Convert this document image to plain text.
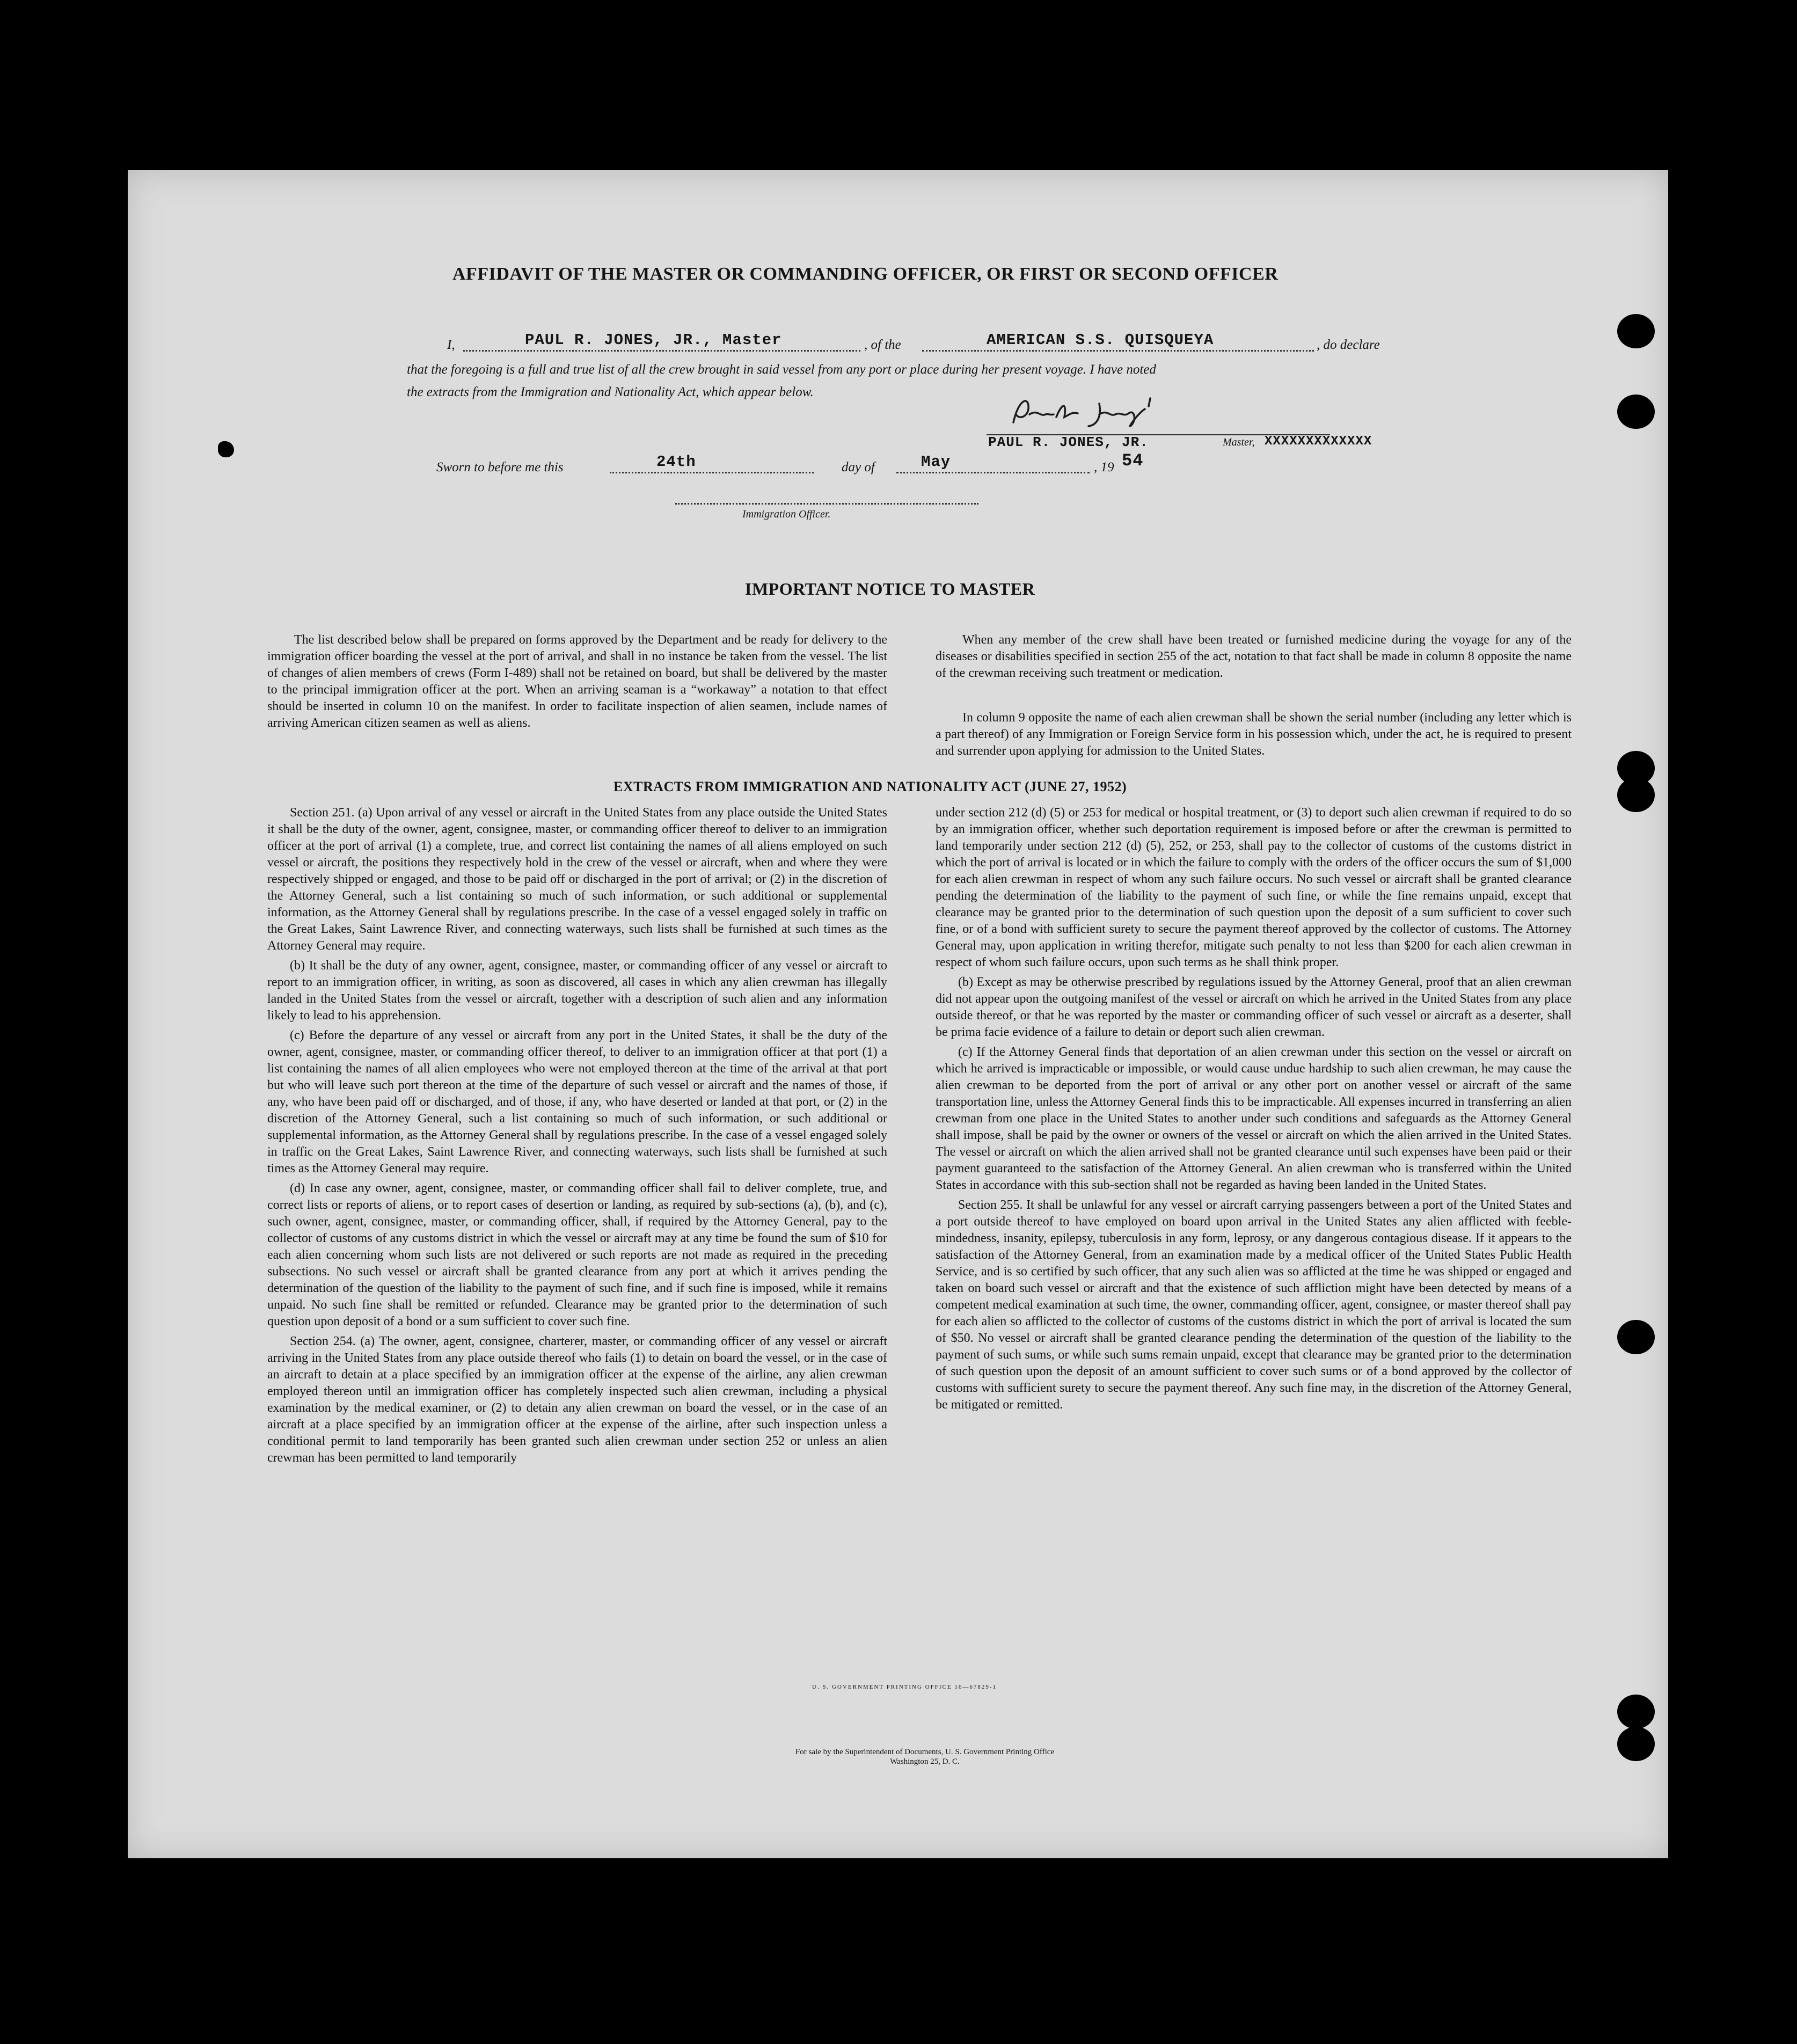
AFFIDAVIT OF THE MASTER OR COMMANDING OFFICER, OR FIRST OR SECOND OFFICER
I,	PAUL R. JONES, JR., Master	, of the	AMERICAN S.S. QUISQUEYA	, do declare
that the foregoing is a full and true list of all the crew brought in said vessel from any port or place during her present voyage. I have noted
the extracts from the Immigration and Nationality Act, which appear below.
PAUL R. JONES, JR.	Master, XXXXXXXXXXXXX
Sworn to before me this	24th	day of	May	, 19 54
Immigration Officer.
IMPORTANT NOTICE TO MASTER
The list described below shall be prepared on forms approved by the Department and be ready for delivery to the immigration officer boarding the vessel at the port of arrival, and shall in no instance be taken from the vessel. The list of changes of alien members of crews (Form I-489) shall not be retained on board, but shall be delivered by the master to the principal immigration officer at the port. When an arriving seaman is a “workaway” a notation to that effect should be inserted in column 10 on the manifest. In order to facilitate inspection of alien seamen, include names of arriving American citizen seamen as well as aliens.
When any member of the crew shall have been treated or furnished medicine during the voyage for any of the diseases or disabilities specified in section 255 of the act, notation to that fact shall be made in column 8 opposite the name of the crewman receiving such treatment or medication.
In column 9 opposite the name of each alien crewman shall be shown the serial number (including any letter which is a part thereof) of any Immigration or Foreign Service form in his possession which, under the act, he is required to present and surrender upon applying for admission to the United States.
EXTRACTS FROM IMMIGRATION AND NATIONALITY ACT (JUNE 27, 1952)

Section 251. (a) Upon arrival of any vessel or aircraft in the United States from any place outside the United States it shall be the duty of the owner, agent, consignee, master, or commanding officer thereof to deliver to an immigration officer at the port of arrival (1) a complete, true, and correct list containing the names of all aliens employed on such vessel or aircraft, the positions they respectively hold in the crew of the vessel or aircraft, when and where they were respectively shipped or engaged, and those to be paid off or discharged in the port of arrival; or (2) in the discretion of the Attorney General, such a list containing so much of such information, or such additional or supplemental information, as the Attorney General shall by regulations prescribe. In the case of a vessel engaged solely in traffic on the Great Lakes, Saint Lawrence River, and connecting waterways, such lists shall be furnished at such times as the Attorney General may require.

(b) It shall be the duty of any owner, agent, consignee, master, or commanding officer of any vessel or aircraft to report to an immigration officer, in writing, as soon as discovered, all cases in which any alien crewman has illegally landed in the United States from the vessel or aircraft, together with a description of such alien and any information likely to lead to his apprehension.

(c) Before the departure of any vessel or aircraft from any port in the United States, it shall be the duty of the owner, agent, consignee, master, or commanding officer thereof, to deliver to an immigration officer at that port (1) a list containing the names of all alien employees who were not employed thereon at the time of the arrival at that port but who will leave such port thereon at the time of the departure of such vessel or aircraft and the names of those, if any, who have been paid off or discharged, and of those, if any, who have deserted or landed at that port, or (2) in the discretion of the Attorney General, such a list containing so much of such information, or such additional or supplemental information, as the Attorney General shall by regulations prescribe. In the case of a vessel engaged solely in traffic on the Great Lakes, Saint Lawrence River, and connecting waterways, such lists shall be furnished at such times as the Attorney General may require.

(d) In case any owner, agent, consignee, master, or commanding officer shall fail to deliver complete, true, and correct lists or reports of aliens, or to report cases of desertion or landing, as required by sub-sections (a), (b), and (c), such owner, agent, consignee, master, or commanding officer, shall, if required by the Attorney General, pay to the collector of customs of any customs district in which the vessel or aircraft may at any time be found the sum of $10 for each alien concerning whom such lists are not delivered or such reports are not made as required in the preceding subsections. No such vessel or aircraft shall be granted clearance from any port at which it arrives pending the determination of the question of the liability to the payment of such fine, and if such fine is imposed, while it remains unpaid. No such fine shall be remitted or refunded. Clearance may be granted prior to the determination of such question upon deposit of a bond or a sum sufficient to cover such fine.

Section 254. (a) The owner, agent, consignee, charterer, master, or commanding officer of any vessel or aircraft arriving in the United States from any place outside thereof who fails (1) to detain on board the vessel, or in the case of an aircraft to detain at a place specified by an immigration officer at the expense of the airline, any alien crewman employed thereon until an immigration officer has completely inspected such alien crewman, including a physical examination by the medical examiner, or (2) to detain any alien crewman on board the vessel, or in the case of an aircraft at a place specified by an immigration officer at the expense of the airline, after such inspection unless a conditional permit to land temporarily has been granted such alien crewman under section 252 or unless an alien crewman has been permitted to land temporarily

under section 212 (d) (5) or 253 for medical or hospital treatment, or (3) to deport such alien crewman if required to do so by an immigration officer, whether such deportation requirement is imposed before or after the crewman is permitted to land temporarily under section 212 (d) (5), 252, or 253, shall pay to the collector of customs of the customs district in which the port of arrival is located or in which the failure to comply with the orders of the officer occurs the sum of $1,000 for each alien crewman in respect of whom any such failure occurs. No such vessel or aircraft shall be granted clearance pending the determination of the liability to the payment of such fine, or while the fine remains unpaid, except that clearance may be granted prior to the determination of such question upon the deposit of a sum sufficient to cover such fine, or of a bond with sufficient surety to secure the payment thereof approved by the collector of customs. The Attorney General may, upon application in writing therefor, mitigate such penalty to not less than $200 for each alien crewman in respect of whom such failure occurs, upon such terms as he shall think proper.

(b) Except as may be otherwise prescribed by regulations issued by the Attorney General, proof that an alien crewman did not appear upon the outgoing manifest of the vessel or aircraft on which he arrived in the United States from any place outside thereof, or that he was reported by the master or commanding officer of such vessel or aircraft as a deserter, shall be prima facie evidence of a failure to detain or deport such alien crewman.

(c) If the Attorney General finds that deportation of an alien crewman under this section on the vessel or aircraft on which he arrived is impracticable or impossible, or would cause undue hardship to such alien crewman, he may cause the alien crewman to be deported from the port of arrival or any other port on another vessel or aircraft of the same transportation line, unless the Attorney General finds this to be impracticable. All expenses incurred in transferring an alien crewman from one place in the United States to another under such conditions and safeguards as the Attorney General shall impose, shall be paid by the owner or owners of the vessel or aircraft on which the alien arrived in the United States. The vessel or aircraft on which the alien arrived shall not be granted clearance until such expenses have been paid or their payment guaranteed to the satisfaction of the Attorney General. An alien crewman who is transferred within the United States in accordance with this sub-section shall not be regarded as having been landed in the United States.

Section 255. It shall be unlawful for any vessel or aircraft carrying passengers between a port of the United States and a port outside thereof to have employed on board upon arrival in the United States any alien afflicted with feeble-mindedness, insanity, epilepsy, tuberculosis in any form, leprosy, or any dangerous contagious disease. If it appears to the satisfaction of the Attorney General, from an examination made by a medical officer of the United States Public Health Service, and is so certified by such officer, that any such alien was so afflicted at the time he was shipped or engaged and taken on board such vessel or aircraft and that the existence of such affliction might have been detected by means of a competent medical examination at such time, the owner, commanding officer, agent, consignee, or master thereof shall pay for each alien so afflicted to the collector of customs of the customs district in which the port of arrival is located the sum of $50. No vessel or aircraft shall be granted clearance pending the determination of the question of the liability to the payment of such sums, or while such sums remain unpaid, except that clearance may be granted prior to the determination of such question upon the deposit of an amount sufficient to cover such sums or of a bond approved by the collector of customs with sufficient surety to secure the payment thereof. Any such fine may, in the discretion of the Attorney General, be mitigated or remitted.

U. S. GOVERNMENT PRINTING OFFICE 16—67829-1
For sale by the Superintendent of Documents, U. S. Government Printing Office
Washington 25, D. C.
